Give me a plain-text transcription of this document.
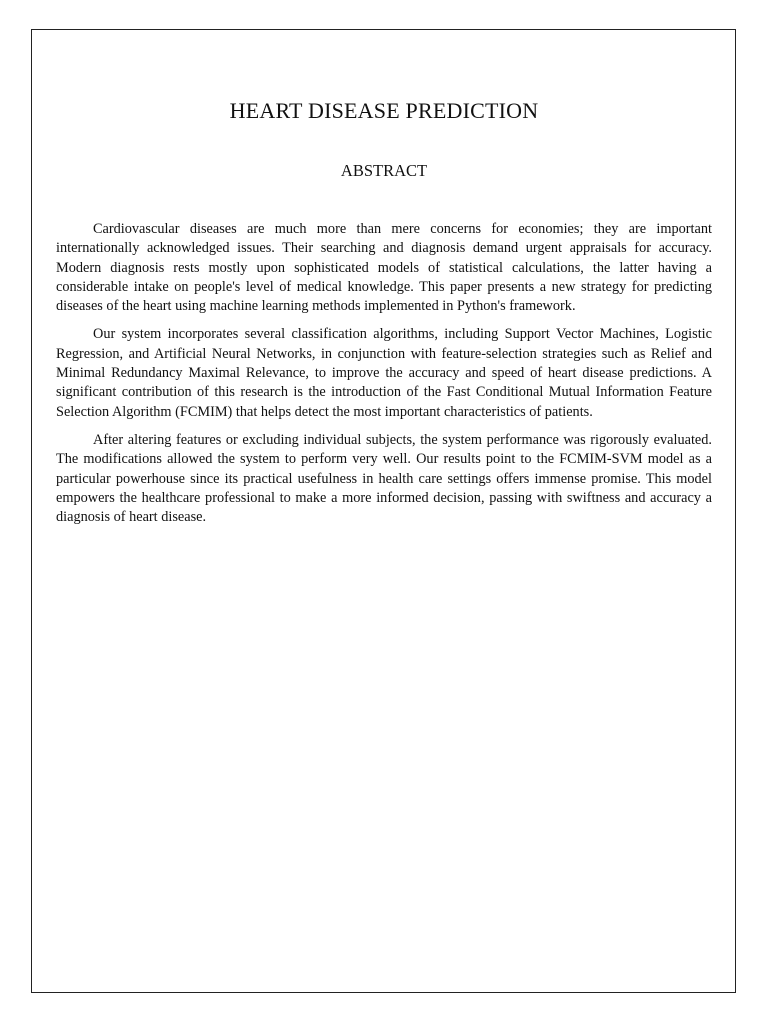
HEART DISEASE PREDICTION
ABSTRACT

Cardiovascular diseases are much more than mere concerns for economies; they are important internationally acknowledged issues. Their searching and diagnosis demand urgent appraisals for accuracy. Modern diagnosis rests mostly upon sophisticated models of statistical calculations, the latter having a considerable intake on people's level of medical knowledge. This paper presents a new strategy for predicting diseases of the heart using machine learning methods implemented in Python's framework.

Our system incorporates several classification algorithms, including Support Vector Machines, Logistic Regression, and Artificial Neural Networks, in conjunction with feature-selection strategies such as Relief and Minimal Redundancy Maximal Relevance, to improve the accuracy and speed of heart disease predictions. A significant contribution of this research is the introduction of the Fast Conditional Mutual Information Feature Selection Algorithm (FCMIM) that helps detect the most important characteristics of patients.

After altering features or excluding individual subjects, the system performance was rigorously evaluated. The modifications allowed the system to perform very well. Our results point to the FCMIM-SVM model as a particular powerhouse since its practical usefulness in health care settings offers immense promise. This model empowers the healthcare professional to make a more informed decision, passing with swiftness and accuracy a diagnosis of heart disease.
